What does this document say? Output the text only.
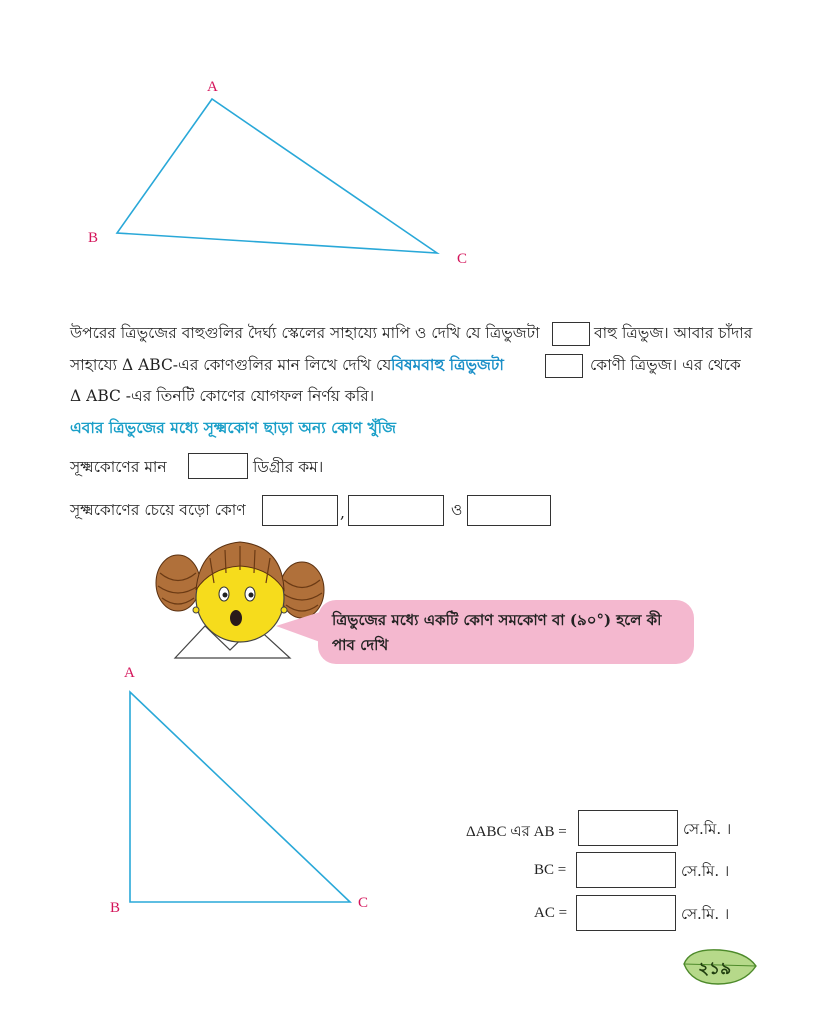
A
B
C
উপরের ত্রিভুজের বাহুগুলির দৈর্ঘ্য স্কেলের সাহায্যে মাপি ও দেখি যে ত্রিভুজটা	বাহু ত্রিভুজ। আবার চাঁদার
সাহায্যে Δ ABC-এর কোণগুলির মান লিখে দেখি যে বিষমবাহু ত্রিভুজটা	কোণী ত্রিভুজ। এর থেকে
Δ ABC -এর তিনটি কোণের যোগফল নির্ণয় করি।
এবার ত্রিভুজের মধ্যে সূক্ষ্মকোণ ছাড়া অন্য কোণ খুঁজি
সূক্ষ্মকোণের মান	ডিগ্রীর কম।
সূক্ষ্মকোণের চেয়ে বড়ো কোণ	,	ও
ত্রিভুজের মধ্যে একটি কোণ সমকোণ বা (৯০°) হলে কী পাব দেখি
A
B	C
ΔABC এর AB =	সে.মি. ।
BC =	সে.মি. ।
AC =	সে.মি. ।
২১৯
